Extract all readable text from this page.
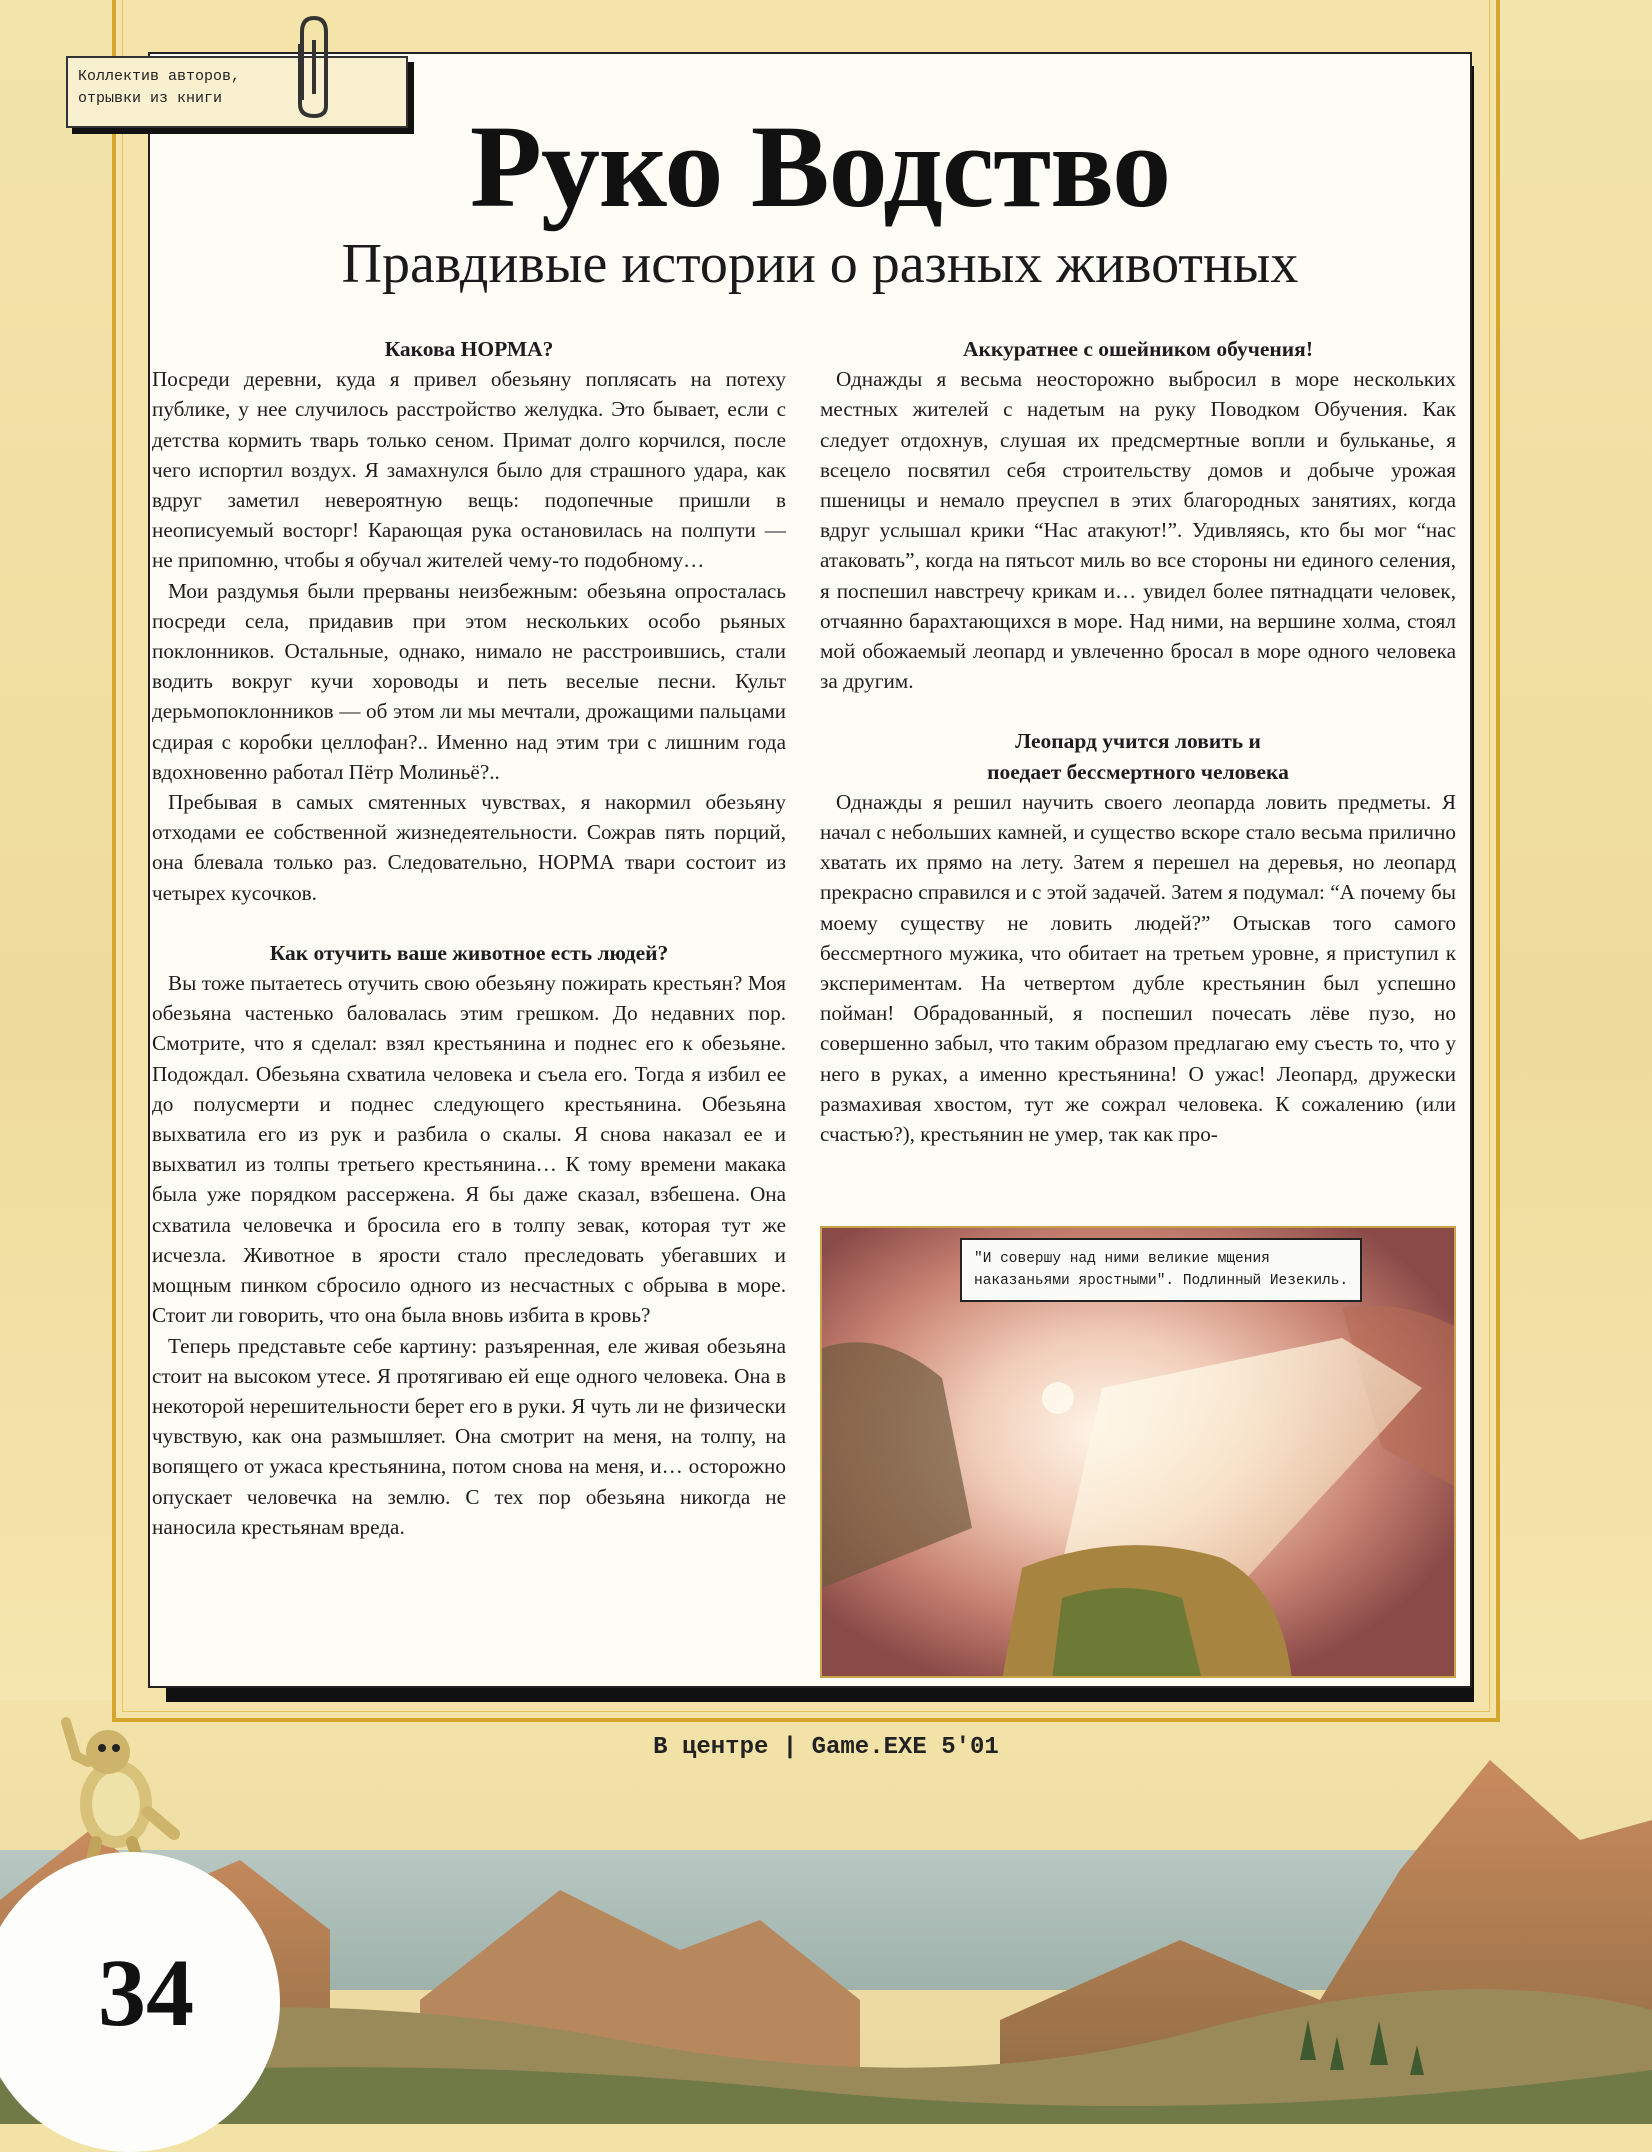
Коллектив авторов,
отрывки из книги
Руко Водство
Правдивые истории о разных животных
Какова НОРМА?

Посреди деревни, куда я привел обезьяну поплясать на потеху публике, у нее случилось расстройство желудка. Это бывает, если с детства кормить тварь только сеном. Примат долго корчился, после чего испортил воздух. Я замахнулся было для страшного удара, как вдруг заметил невероятную вещь: подопечные пришли в неописуемый восторг! Карающая рука остановилась на полпути — не припомню, чтобы я обучал жителей чему-то подобному…

Мои раздумья были прерваны неизбежным: обезьяна опросталась посреди села, придавив при этом нескольких особо рьяных поклонников. Остальные, однако, нимало не расстроившись, стали водить вокруг кучи хороводы и петь веселые песни. Культ дерьмопоклонников — об этом ли мы мечтали, дрожащими пальцами сдирая с коробки целлофан?.. Именно над этим три с лишним года вдохновенно работал Пётр Молиньё?..

Пребывая в самых смятенных чувствах, я накормил обезьяну отходами ее собственной жизнедеятельности. Сожрав пять порций, она блевала только раз. Следовательно, НОРМА твари состоит из четырех кусочков.

Как отучить ваше животное есть людей?

Вы тоже пытаетесь отучить свою обезьяну пожирать крестьян? Моя обезьяна частенько баловалась этим грешком. До недавних пор. Смотрите, что я сделал: взял крестьянина и поднес его к обезьяне. Подождал. Обезьяна схватила человека и съела его. Тогда я избил ее до полусмерти и поднес следующего крестьянина. Обезьяна выхватила его из рук и разбила о скалы. Я снова наказал ее и выхватил из толпы третьего крестьянина… К тому времени макака была уже порядком рассержена. Я бы даже сказал, взбешена. Она схватила человечка и бросила его в толпу зевак, которая тут же исчезла. Животное в ярости стало преследовать убегавших и мощным пинком сбросило одного из несчастных с обрыва в море. Стоит ли говорить, что она была вновь избита в кровь?

Теперь представьте себе картину: разъяренная, еле живая обезьяна стоит на высоком утесе. Я протягиваю ей еще одного человека. Она в некоторой нерешительности берет его в руки. Я чуть ли не физически чувствую, как она размышляет. Она смотрит на меня, на толпу, на вопящего от ужаса крестьянина, потом снова на меня, и… осторожно опускает человечка на землю. С тех пор обезьяна никогда не наносила крестьянам вреда.

Аккуратнее с ошейником обучения!

Однажды я весьма неосторожно выбросил в море нескольких местных жителей с надетым на руку Поводком Обучения. Как следует отдохнув, слушая их предсмертные вопли и бульканье, я всецело посвятил себя строительству домов и добыче урожая пшеницы и немало преуспел в этих благородных занятиях, когда вдруг услышал крики “Нас атакуют!”. Удивляясь, кто бы мог “нас атаковать”, когда на пятьсот миль во все стороны ни единого селения, я поспешил навстречу крикам и… увидел более пятнадцати человек, отчаянно барахтающихся в море. Над ними, на вершине холма, стоял мой обожаемый леопард и увлеченно бросал в море одного человека за другим.

Леопард учится ловить и
поедает бессмертного человека

Однажды я решил научить своего леопарда ловить предметы. Я начал с небольших камней, и существо вскоре стало весьма прилично хватать их прямо на лету. Затем я перешел на деревья, но леопард прекрасно справился и с этой задачей. Затем я подумал: “А почему бы моему существу не ловить людей?” Отыскав того самого бессмертного мужика, что обитает на третьем уровне, я приступил к экспериментам. На четвертом дубле крестьянин был успешно пойман! Обрадованный, я поспешил почесать лёве пузо, но совершенно забыл, что таким образом предлагаю ему съесть то, что у него в руках, а именно крестьянина! О ужас! Леопард, дружески размахивая хвостом, тут же сожрал человека. К сожалению (или счастью?), крестьянин не умер, так как про-

"И совершу над ними великие мщения
наказаньями яростными". Подлинный Иезекиль.
В центре | Game.EXE 5'01
34
